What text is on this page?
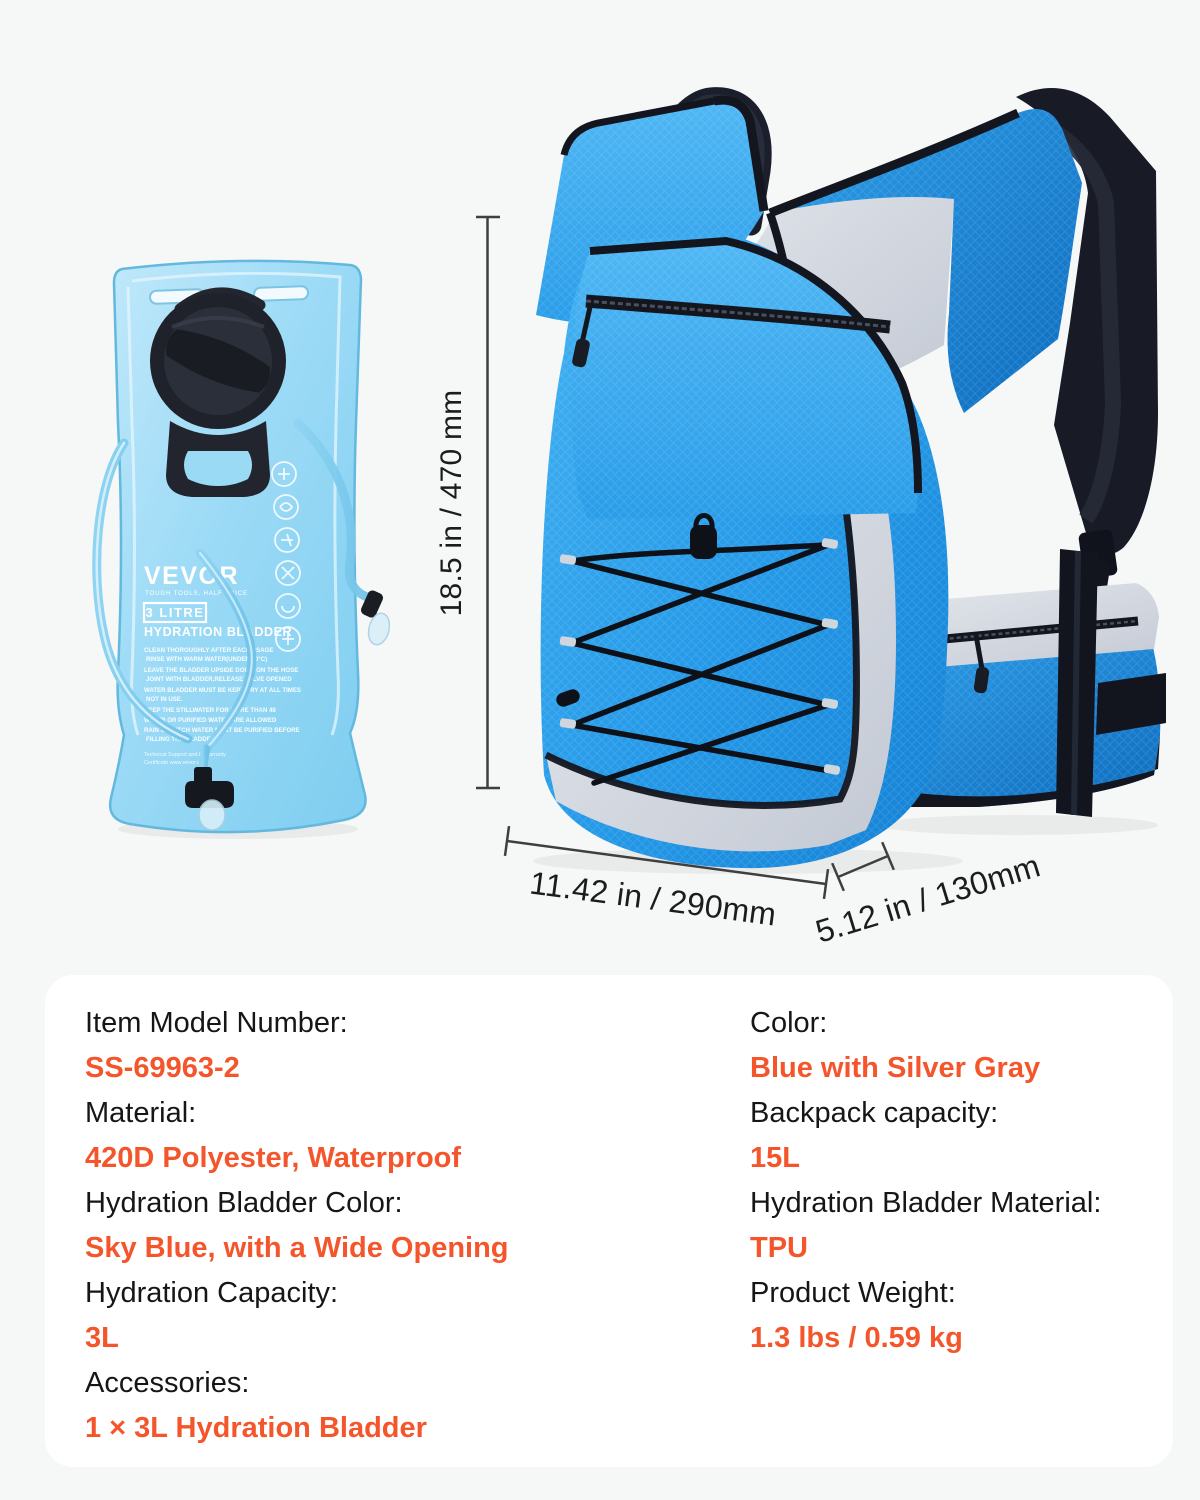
VEVOR
TOUGH TOOLS, HALF PRICE
3 LITRE
HYDRATION BLADDER
CLEAN THOROUGHLY AFTER EACH USAGE
RINSE WITH WARM WATER(UNDER 50°C)
LEAVE THE BLADDER UPSIDE DOWN ON THE HOSE
JOINT WITH BLADDER,RELEASE VALVE OPENED
WATER BLADDER MUST BE KEPT DRY AT ALL TIMES
NOT IN USE.
KEEP THE STILLWATER FOR MORE THAN 48
WATER OR PURIFIED WATER ARE ALLOWED
RAIN OR DITCH WATER MUST BE PURIFIED BEFORE
FILLING THE BLADDER.
Technical Support and E-Warranty
Certificate www.vevor.com
18.5 in / 470 mm
11.42 in / 290mm 5.12 in / 130mm
Item Model Number:
SS-69963-2
Material:
420D Polyester, Waterproof
Hydration Bladder Color:
Sky Blue, with a Wide Opening
Hydration Capacity:
3L
Accessories:
1 × 3L Hydration Bladder
Color:
Blue with Silver Gray
Backpack capacity:
15L
Hydration Bladder Material:
TPU
Product Weight:
1.3 lbs / 0.59 kg
